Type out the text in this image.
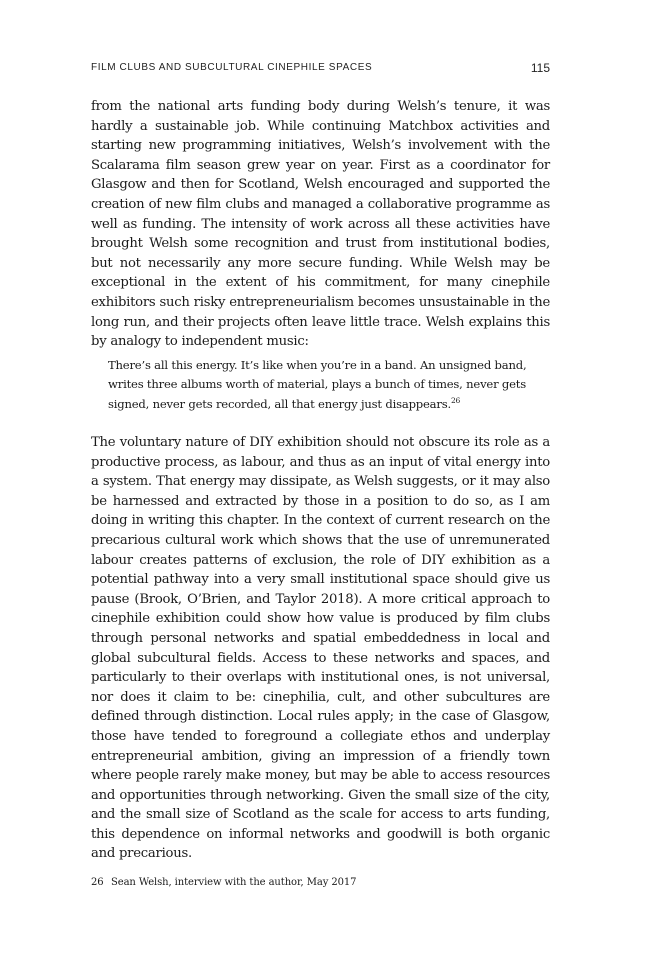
FILM CLUBS AND SUBCULTURAL CINEPHILE SPACES	115

from the national arts funding body during Welsh’s tenure, it was hardly a sustainable job. While continuing Matchbox activities and starting new programming initiatives, Welsh’s involvement with the Scalarama film season grew year on year. First as a coordinator for Glasgow and then for Scotland, Welsh encouraged and supported the creation of new film clubs and managed a collaborative programme as well as funding. The intensity of work across all these activities have brought Welsh some recognition and trust from institutional bodies, but not necessarily any more secure funding. While Welsh may be exceptional in the extent of his commitment, for many cinephile exhibitors such risky entrepreneurialism becomes unsustainable in the long run, and their projects often leave little trace. Welsh explains this by analogy to independent music:

There’s all this energy. It’s like when you’re in a band. An unsigned band, writes three albums worth of material, plays a bunch of times, never gets signed, never gets recorded, all that energy just disappears.$^{26}$

The voluntary nature of DIY exhibition should not obscure its role as a productive process, as labour, and thus as an input of vital energy into a system. That energy may dissipate, as Welsh suggests, or it may also be harnessed and extracted by those in a position to do so, as I am doing in writing this chapter. In the context of current research on the precarious cultural work which shows that the use of unremunerated labour creates patterns of exclusion, the role of DIY exhibition as a potential pathway into a very small institutional space should give us pause (Brook, O’Brien, and Taylor 2018). A more critical approach to cinephile exhibition could show how value is produced by film clubs through personal networks and spatial embeddedness in local and global subcultural fields. Access to these networks and spaces, and particularly to their overlaps with institutional ones, is not universal, nor does it claim to be: cinephilia, cult, and other subcultures are defined through distinction. Local rules apply; in the case of Glasgow, those have tended to foreground a collegiate ethos and underplay entrepreneurial ambition, giving an impression of a friendly town where people rarely make money, but may be able to access resources and opportunities through networking. Given the small size of the city, and the small size of Scotland as the scale for access to arts funding, this dependence on informal networks and goodwill is both organic and precarious.

26 Sean Welsh, interview with the author, May 2017
